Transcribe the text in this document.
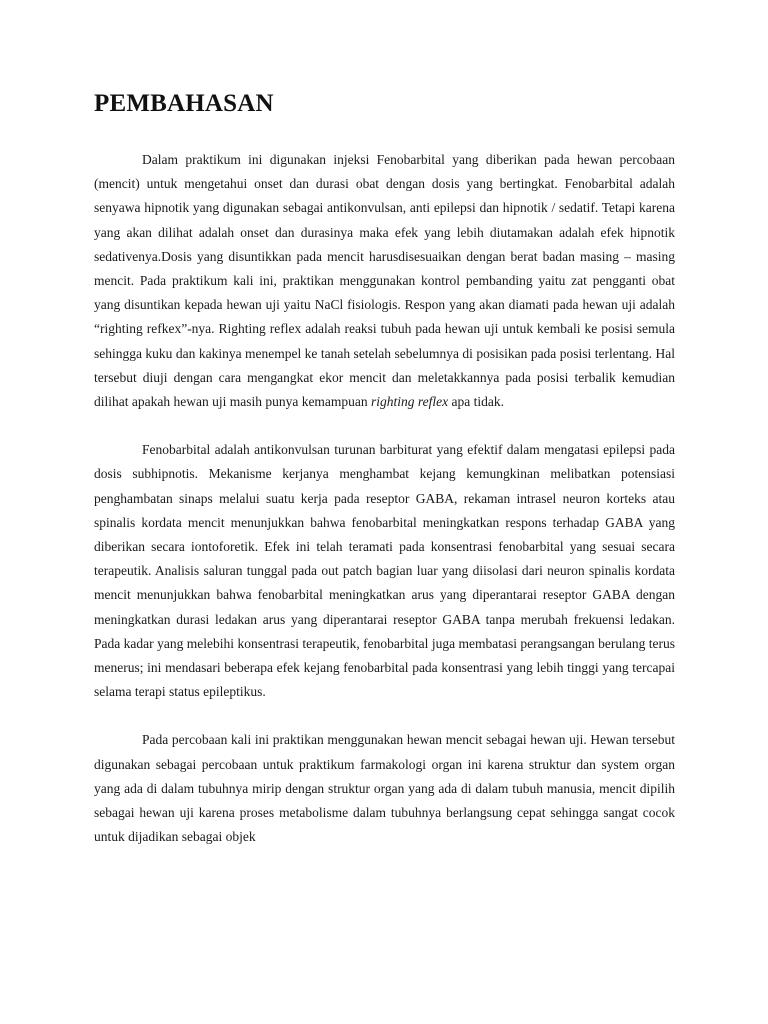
PEMBAHASAN

Dalam praktikum ini digunakan injeksi Fenobarbital yang diberikan pada hewan percobaan (mencit) untuk mengetahui onset dan durasi obat dengan dosis yang bertingkat. Fenobarbital adalah senyawa hipnotik yang digunakan sebagai antikonvulsan, anti epilepsi dan hipnotik / sedatif. Tetapi karena yang akan dilihat adalah onset dan durasinya maka efek yang lebih diutamakan adalah efek hipnotik sedativenya.Dosis yang disuntikkan pada mencit harusdisesuaikan dengan berat badan masing – masing mencit. Pada praktikum kali ini, praktikan menggunakan kontrol pembanding yaitu zat pengganti obat yang disuntikan kepada hewan uji yaitu NaCl fisiologis. Respon yang akan diamati pada hewan uji adalah “righting refkex”-nya. Righting reflex adalah reaksi tubuh pada hewan uji untuk kembali ke posisi semula sehingga kuku dan kakinya menempel ke tanah setelah sebelumnya di posisikan pada posisi terlentang. Hal tersebut diuji dengan cara mengangkat ekor mencit dan meletakkannya pada posisi terbalik kemudian dilihat apakah hewan uji masih punya kemampuan righting reflex apa tidak.

Fenobarbital adalah antikonvulsan turunan barbiturat yang efektif dalam mengatasi epilepsi pada dosis subhipnotis. Mekanisme kerjanya menghambat kejang kemungkinan melibatkan potensiasi penghambatan sinaps melalui suatu kerja pada reseptor GABA, rekaman intrasel neuron korteks atau spinalis kordata mencit menunjukkan bahwa fenobarbital meningkatkan respons terhadap GABA yang diberikan secara iontoforetik. Efek ini telah teramati pada konsentrasi fenobarbital yang sesuai secara terapeutik. Analisis saluran tunggal pada out patch bagian luar yang diisolasi dari neuron spinalis kordata mencit menunjukkan bahwa fenobarbital meningkatkan arus yang diperantarai reseptor GABA dengan meningkatkan durasi ledakan arus yang diperantarai reseptor GABA tanpa merubah frekuensi ledakan. Pada kadar yang melebihi konsentrasi terapeutik, fenobarbital juga membatasi perangsangan berulang terus menerus; ini mendasari beberapa efek kejang fenobarbital pada konsentrasi yang lebih tinggi yang tercapai selama terapi status epileptikus.

Pada percobaan kali ini praktikan menggunakan hewan mencit sebagai hewan uji. Hewan tersebut digunakan sebagai percobaan untuk praktikum farmakologi organ ini karena struktur dan system organ yang ada di dalam tubuhnya mirip dengan struktur organ yang ada di dalam tubuh manusia, mencit dipilih sebagai hewan uji karena proses metabolisme dalam tubuhnya berlangsung cepat sehingga sangat cocok untuk dijadikan sebagai objek
